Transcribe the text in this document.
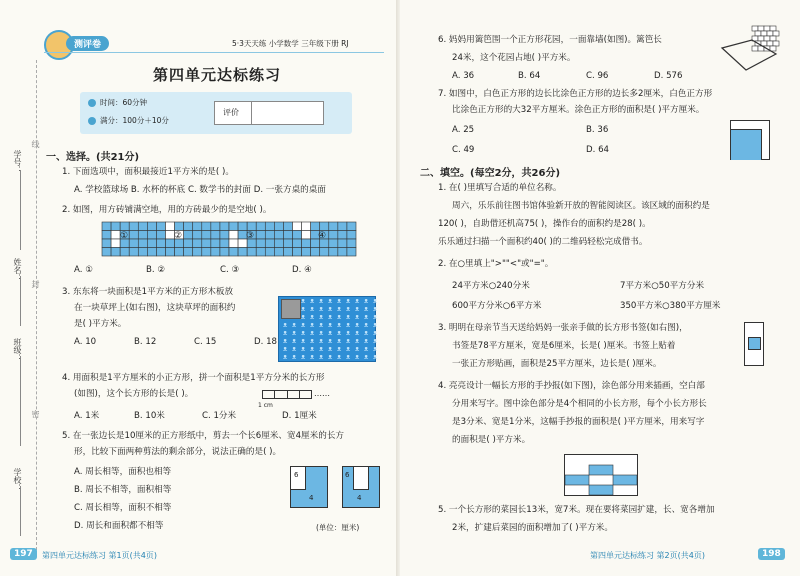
学号：
姓名：
班级：
学校：
线
封
密
测评卷	5·3天天练 小学数学 三年级下册 RJ
第四单元达标练习
时间：60分钟
满分：100分＋10分
评价
一、选择。(共21分)
1. 下面选项中，面积最接近1平方米的是( )。
A. 学校篮球场 B. 水杯的杯底 C. 数学书的封面 D. 一张方桌的桌面
2. 如图，用方砖铺满空地，用的方砖最少的是空地( )。
①	②	③	④
A. ①	B. ②	C. ③	D. ④
3. 东东将一块面积是1平方米的正方形木板放
在一块草坪上(如右图)，这块草坪的面积约
是( )平方米。
A. 10	B. 12	C. 15	D. 18
ᴥ ᴥ ᴥ ᴥ ᴥ ᴥ ᴥ ᴥ ᴥ
ᴥ ᴥ ᴥ ᴥ ᴥ ᴥ ᴥ ᴥ ᴥ
ᴥ ᴥ ᴥ ᴥ ᴥ ᴥ ᴥ ᴥ ᴥ
ᴥ ᴥ ᴥ ᴥ ᴥ ᴥ ᴥ ᴥ ᴥ ᴥ ᴥ
ᴥ ᴥ ᴥ ᴥ ᴥ ᴥ ᴥ ᴥ ᴥ ᴥ ᴥ
ᴥ ᴥ ᴥ ᴥ ᴥ ᴥ ᴥ ᴥ ᴥ ᴥ ᴥ
ᴥ ᴥ ᴥ ᴥ ᴥ ᴥ ᴥ ᴥ ᴥ ᴥ ᴥ
ᴥ ᴥ ᴥ ᴥ ᴥ ᴥ ᴥ ᴥ ᴥ ᴥ ᴥ
4. 用面积是1平方厘米的小正方形，拼一个面积是1平方分米的长方形
(如图)，这个长方形的长是( )。	……
1 cm
A. 1米	B. 10米	C. 1分米	D. 1厘米
5. 在一张边长是10厘米的正方形纸中，剪去一个长6厘米、宽4厘米的长方
形，比较下面两种剪法的剩余部分，说法正确的是( )。
A. 周长相等，面积也相等
B. 周长不相等，面积相等
C. 周长相等，面积不相等
D. 周长和面积都不相等
6
4
6
4
(单位：厘米)
197	第四单元达标练习 第1页(共4页)
6. 妈妈用篱笆围一个正方形花园，一面靠墙(如图)。篱笆长
24米，这个花园占地( )平方米。
A. 36	B. 64	C. 96	D. 576
7. 如图中，白色正方形的边长比涂色正方形的边长多2厘米，白色正方形
比涂色正方形的大32平方厘米。涂色正方形的面积是( )平方厘米。
A. 25	B. 36
C. 49	D. 64
二、填空。(每空2分，共26分)
1. 在( )里填写合适的单位名称。
周六，乐乐前往图书馆体验新开放的智能阅读区。该区域的面积约是
120( )，自助借还机高75( )，操作台的面积约是28( )。
乐乐通过扫描一个面积约40( )的二维码轻松完成借书。
2. 在○里填上">""<"或"="。
24平方米○240分米	7平方米○50平方分米
600平方分米○6平方米	350平方米○380平方厘米
3. 明明在母亲节当天送给妈妈一张亲手做的长方形书签(如右图)，
书签是78平方厘米，宽是6厘米，长是( )厘米。书签上贴着
一张正方形贴画，面积是25平方厘米，边长是( )厘米。
4. 亮亮设计一幅长方形的手抄报(如下图)，涂色部分用来插画，空白部
分用来写字。图中涂色部分是4个相同的小长方形，每个小长方形长
是3分米、宽是1分米，这幅手抄报的面积是( )平方厘米，用来写字
的面积是( )平方米。
5. 一个长方形的菜园长13米，宽7米。现在要将菜园扩建，长、宽各增加
2米，扩建后菜园的面积增加了( )平方米。
第四单元达标练习 第2页(共4页)	198
